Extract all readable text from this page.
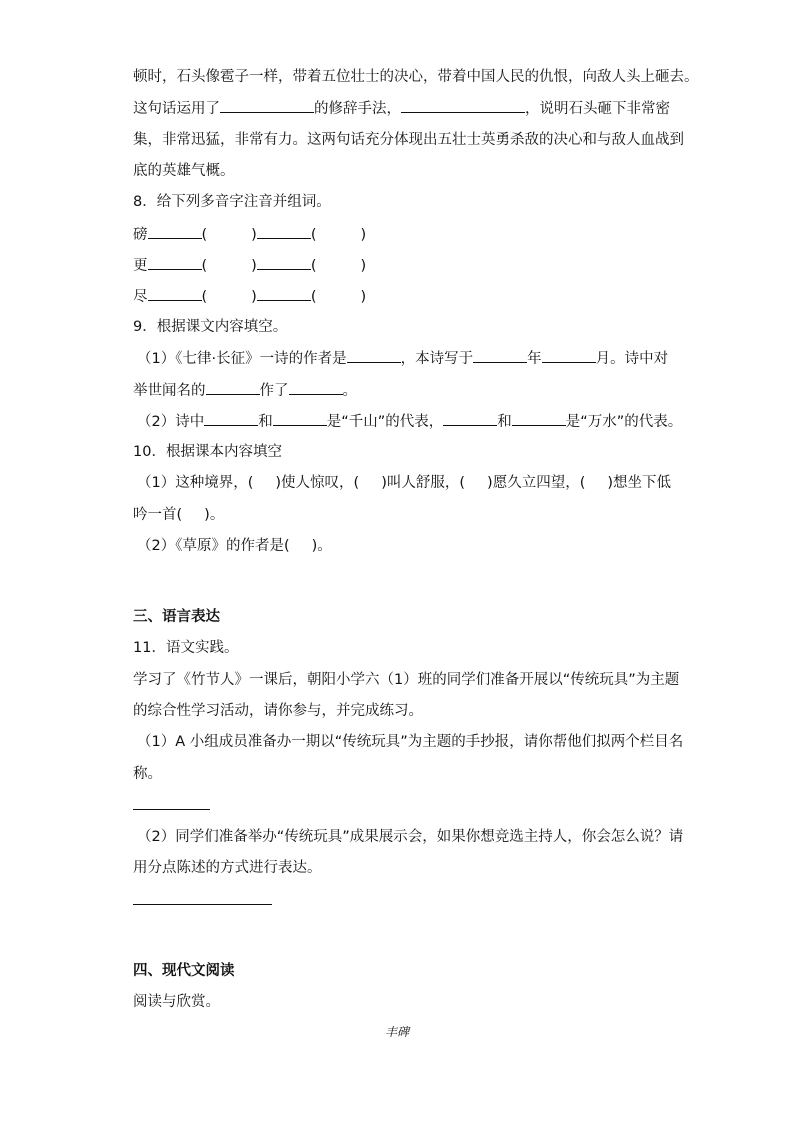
顿时，石头像雹子一样，带着五位壮士的决心，带着中国人民的仇恨，向敌人头上砸去。
这句话运用了	的修辞手法，	，说明石头砸下非常密
集，非常迅猛，非常有力。这两句话充分体现出五壮士英勇杀敌的决心和与敌人血战到
底的英雄气概。
8．给下列多音字注音并组词。
磅	(	)	(	)
更	(	)	(	)
尽	(	)	(	)
9．根据课文内容填空。
（1）《七律·长征》一诗的作者是	，本诗写于	年	月。诗中对
举世闻名的	作了	。
（2）诗中	和	是“千山”的代表，	和	是“万水”的代表。
10．根据课本内容填空
（1）这种境界，( )使人惊叹，( )叫人舒服，( )愿久立四望，( )想坐下低
吟一首( )。
（2）《草原》的作者是( )。
三、语言表达
11．语文实践。
学习了《竹节人》一课后，朝阳小学六（1）班的同学们准备开展以“传统玩具”为主题
的综合性学习活动，请你参与，并完成练习。
（1）A 小组成员准备办一期以“传统玩具”为主题的手抄报，请你帮他们拟两个栏目名
称。
（2）同学们准备举办“传统玩具”成果展示会，如果你想竞选主持人，你会怎么说？请
用分点陈述的方式进行表达。
四、现代文阅读
阅读与欣赏。
丰碑
